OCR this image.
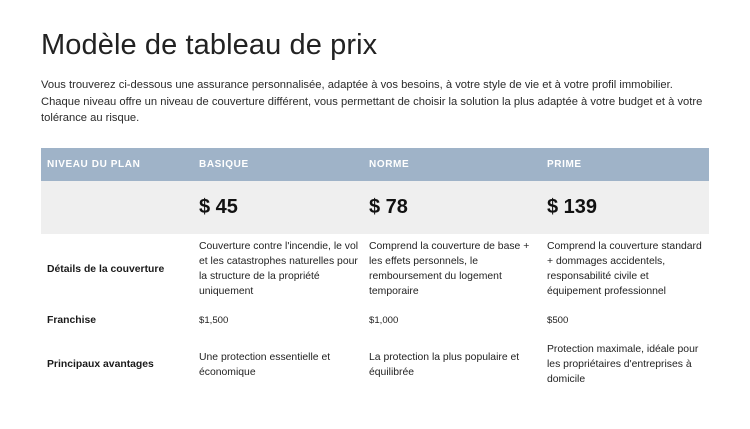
Modèle de tableau de prix

Vous trouverez ci-dessous une assurance personnalisée, adaptée à vos besoins, à votre style de vie et à votre profil immobilier. Chaque niveau offre un niveau de couverture différent, vous permettant de choisir la solution la plus adaptée à votre budget et à votre tolérance au risque.

NIVEAU DU PLAN	BASIQUE	NORME	PRIME
	$ 45	$ 78	$ 139
Détails de la couverture	Couverture contre l'incendie, le vol et les catastrophes naturelles pour la structure de la propriété uniquement	Comprend la couverture de base + les effets personnels, le remboursement du logement temporaire	Comprend la couverture standard + dommages accidentels, responsabilité civile et équipement professionnel
Franchise	$1,500	$1,000	$500
Principaux avantages	Une protection essentielle et économique	La protection la plus populaire et équilibrée	Protection maximale, idéale pour les propriétaires d'entreprises à domicile
